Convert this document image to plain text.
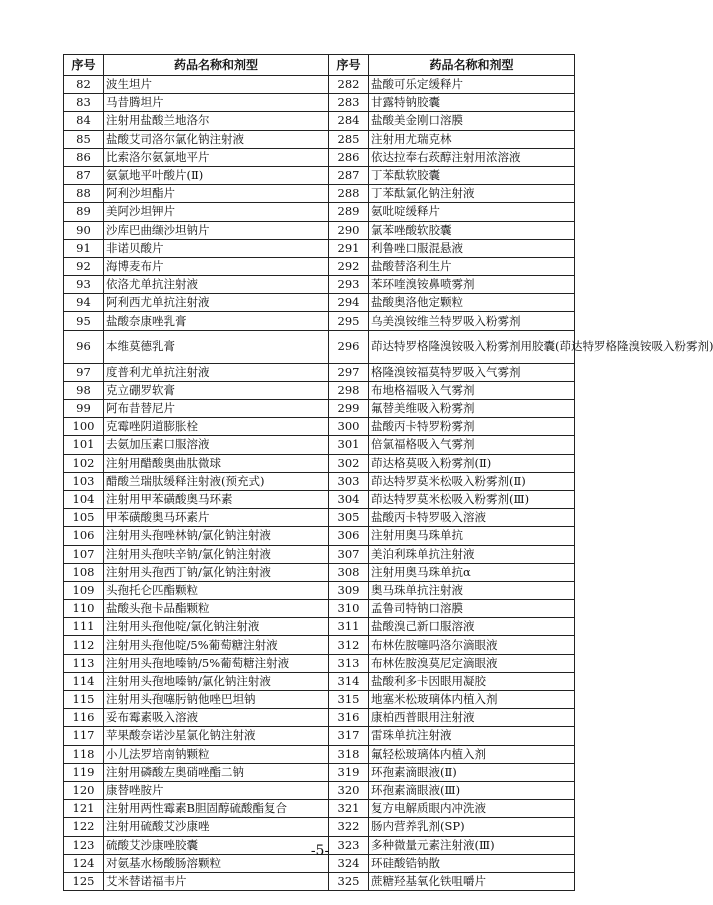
序号	药品名称和剂型	序号	药品名称和剂型
82	波生坦片	282	盐酸可乐定缓释片
83	马昔腾坦片	283	甘露特钠胶囊
84	注射用盐酸兰地洛尔	284	盐酸美金刚口溶膜
85	盐酸艾司洛尔氯化钠注射液	285	注射用尤瑞克林
86	比索洛尔氨氯地平片	286	依达拉奉右莰醇注射用浓溶液
87	氨氯地平叶酸片(Ⅱ)	287	丁苯酞软胶囊
88	阿利沙坦酯片	288	丁苯酞氯化钠注射液
89	美阿沙坦钾片	289	氨吡啶缓释片
90	沙库巴曲缬沙坦钠片	290	氯苯唑酸软胶囊
91	非诺贝酸片	291	利鲁唑口服混悬液
92	海博麦布片	292	盐酸替洛利生片
93	依洛尤单抗注射液	293	苯环喹溴铵鼻喷雾剂
94	阿利西尤单抗注射液	294	盐酸奥洛他定颗粒
95	盐酸奈康唑乳膏	295	乌美溴铵维兰特罗吸入粉雾剂
96	本维莫德乳膏	296	茚达特罗格隆溴铵吸入粉雾剂用胶囊(茚达特罗格隆溴铵吸入粉雾剂)
97	度普利尤单抗注射液	297	格隆溴铵福莫特罗吸入气雾剂
98	克立硼罗软膏	298	布地格福吸入气雾剂
99	阿布昔替尼片	299	氟替美维吸入粉雾剂
100	克霉唑阴道膨胀栓	300	盐酸丙卡特罗粉雾剂
101	去氨加压素口服溶液	301	倍氯福格吸入气雾剂
102	注射用醋酸奥曲肽微球	302	茚达格莫吸入粉雾剂(Ⅱ)
103	醋酸兰瑞肽缓释注射液(预充式)	303	茚达特罗莫米松吸入粉雾剂(Ⅱ)
104	注射用甲苯磺酸奥马环素	304	茚达特罗莫米松吸入粉雾剂(Ⅲ)
105	甲苯磺酸奥马环素片	305	盐酸丙卡特罗吸入溶液
106	注射用头孢唑林钠/氯化钠注射液	306	注射用奥马珠单抗
107	注射用头孢呋辛钠/氯化钠注射液	307	美泊利珠单抗注射液
108	注射用头孢西丁钠/氯化钠注射液	308	注射用奥马珠单抗α
109	头孢托仑匹酯颗粒	309	奥马珠单抗注射液
110	盐酸头孢卡品酯颗粒	310	孟鲁司特钠口溶膜
111	注射用头孢他啶/氯化钠注射液	311	盐酸溴己新口服溶液
112	注射用头孢他啶/5%葡萄糖注射液	312	布林佐胺噻吗洛尔滴眼液
113	注射用头孢地嗪钠/5%葡萄糖注射液	313	布林佐胺溴莫尼定滴眼液
114	注射用头孢地嗪钠/氯化钠注射液	314	盐酸利多卡因眼用凝胶
115	注射用头孢噻肟钠他唑巴坦钠	315	地塞米松玻璃体内植入剂
116	妥布霉素吸入溶液	316	康柏西普眼用注射液
117	苹果酸奈诺沙星氯化钠注射液	317	雷珠单抗注射液
118	小儿法罗培南钠颗粒	318	氟轻松玻璃体内植入剂
119	注射用磷酸左奥硝唑酯二钠	319	环孢素滴眼液(Ⅱ)
120	康替唑胺片	320	环孢素滴眼液(Ⅲ)
121	注射用两性霉素B胆固醇硫酸酯复合	321	复方电解质眼内冲洗液
122	注射用硫酸艾沙康唑	322	肠内营养乳剂(SP)
123	硫酸艾沙康唑胶囊	323	多种微量元素注射液(Ⅲ)
124	对氨基水杨酸肠溶颗粒	324	环硅酸锆钠散
125	艾米替诺福韦片	325	蔗糖羟基氧化铁咀嚼片
-5-
